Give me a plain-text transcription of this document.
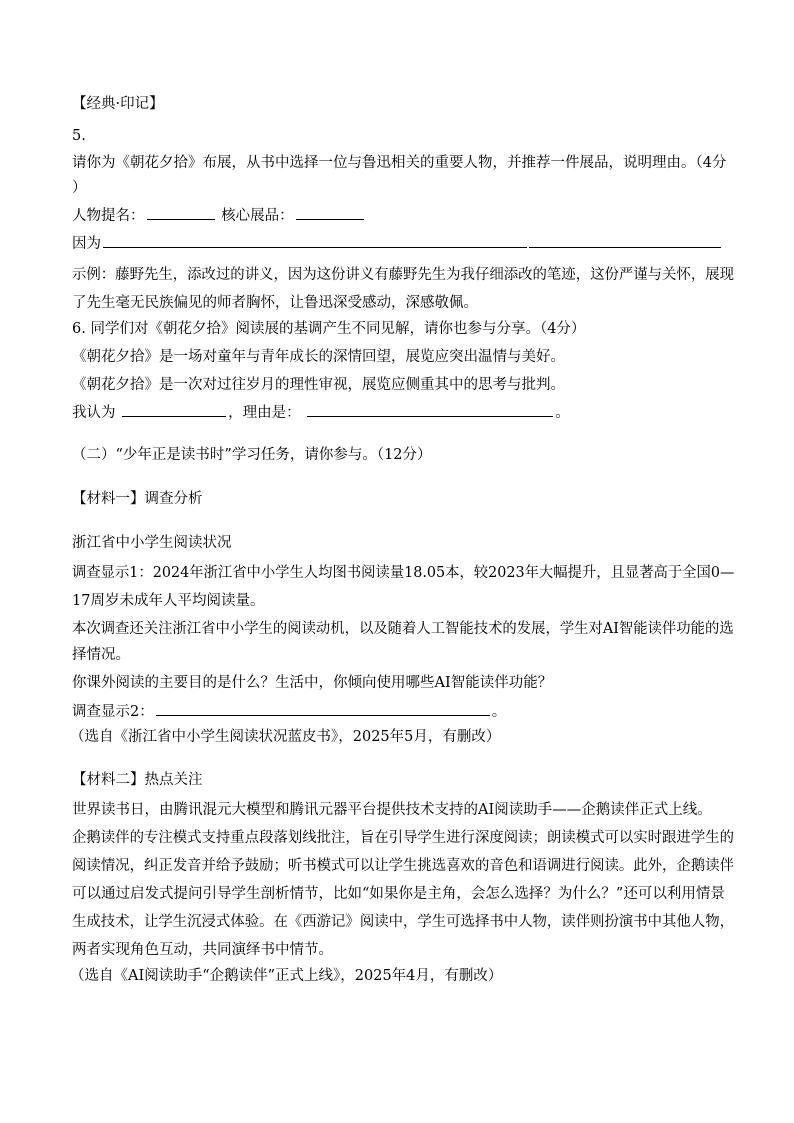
【经典·印记】
5.
请你为《朝花夕拾》布展，从书中选择一位与鲁迅相关的重要人物，并推荐一件展品，说明理由。（4分
）
人物提名：	核心展品：
因为
示例：藤野先生，添改过的讲义，因为这份讲义有藤野先生为我仔细添改的笔迹，这份严谨与关怀，展现
了先生毫无民族偏见的师者胸怀，让鲁迅深受感动，深感敬佩。
6. 同学们对《朝花夕拾》阅读展的基调产生不同见解，请你也参与分享。（4分）
《朝花夕拾》是一场对童年与青年成长的深情回望，展览应突出温情与美好。
《朝花夕拾》是一次对过往岁月的理性审视，展览应侧重其中的思考与批判。
我认为	，理由是：	。
（二）“少年正是读书时”学习任务，请你参与。（12分）
【材料一】调查分析
浙江省中小学生阅读状况
调查显示1：2024年浙江省中小学生人均图书阅读量18.05本，较2023年大幅提升，且显著高于全国0—
17周岁未成年人平均阅读量。
本次调查还关注浙江省中小学生的阅读动机，以及随着人工智能技术的发展，学生对AI智能读伴功能的选
择情况。
你课外阅读的主要目的是什么？生活中，你倾向使用哪些AI智能读伴功能？
调查显示2：	。
（选自《浙江省中小学生阅读状况蓝皮书》，2025年5月，有删改）
【材料二】热点关注
世界读书日，由腾讯混元大模型和腾讯元器平台提供技术支持的AI阅读助手——企鹅读伴正式上线。
企鹅读伴的专注模式支持重点段落划线批注，旨在引导学生进行深度阅读；朗读模式可以实时跟进学生的
阅读情况，纠正发音并给予鼓励；听书模式可以让学生挑选喜欢的音色和语调进行阅读。此外，企鹅读伴
可以通过启发式提问引导学生剖析情节，比如“如果你是主角，会怎么选择？为什么？”还可以利用情景
生成技术，让学生沉浸式体验。在《西游记》阅读中，学生可选择书中人物，读伴则扮演书中其他人物，
两者实现角色互动，共同演绎书中情节。
（选自《AI阅读助手“企鹅读伴”正式上线》，2025年4月，有删改）
